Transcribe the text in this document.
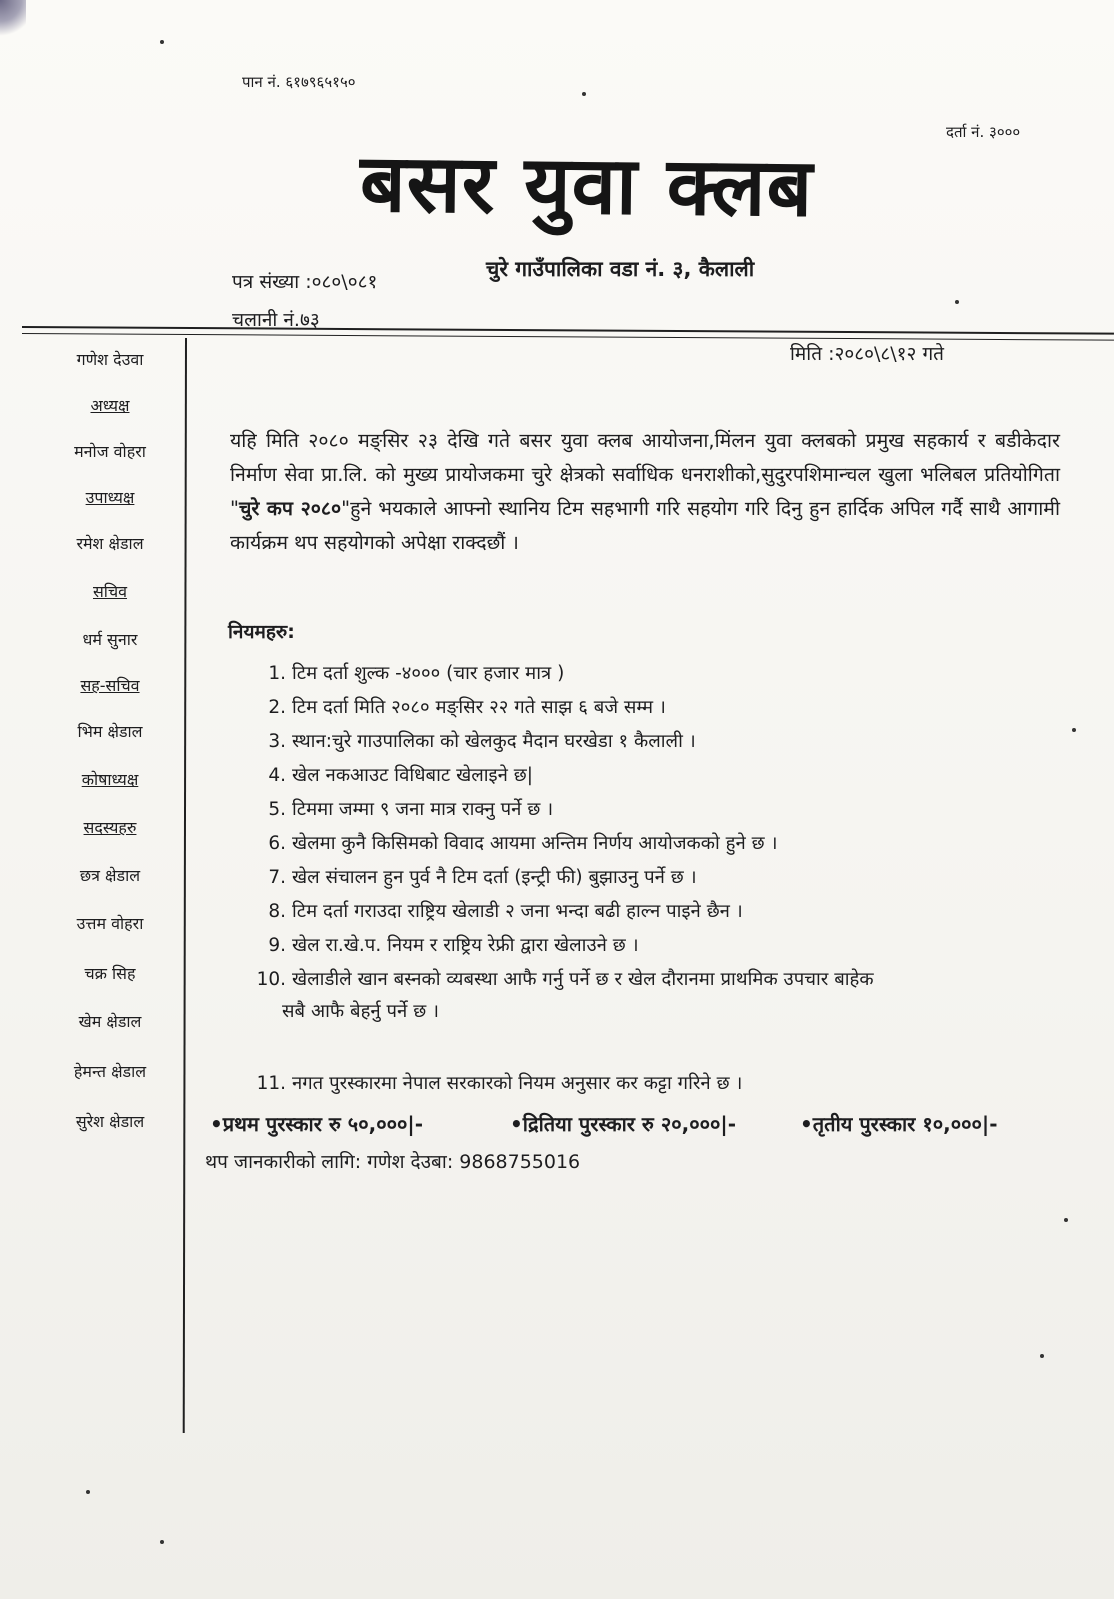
पान नं. ६१७९६५१५०
दर्ता नं. ३०००
बसर युवा क्लब
चुरे गाउँपालिका वडा नं. ३, कैलाली
पत्र संख्या :०८०\०८१
चलानी नं.७३
मिति :२०८०\८\१२ गते
गणेश देउवा
अध्यक्ष
मनोज वोहरा
उपाध्यक्ष
रमेश क्षेडाल
सचिव
धर्म सुनार
सह-सचिव
भिम क्षेडाल
कोषाध्यक्ष
सदस्यहरु
छत्र क्षेडाल
उत्तम वोहरा
चक्र सिह
खेम क्षेडाल
हेमन्त क्षेडाल
सुरेश क्षेडाल
यहि मिति २०८० मङ्सिर २३ देखि गते बसर युवा क्लब आयोजना,मिंलन युवा क्लबको प्रमुख सहकार्य र बडीकेदार निर्माण सेवा प्रा.लि. को मुख्य प्रायोजकमा चुरे क्षेत्रको सर्वाधिक धनराशीको,सुदुरपशिमान्चल खुला भलिबल प्रतियोगिता "चुरे कप २०८०"हुने भयकाले आफ्नो स्थानिय टिम सहभागी गरि सहयोग गरि दिनु हुन हार्दिक अपिल गर्दै साथै आगामी कार्यक्रम थप सहयोगको अपेक्षा राक्दछौं ।
नियमहरु:
1. टिम दर्ता शुल्क -४००० (चार हजार मात्र )
2. टिम दर्ता मिति २०८० मङ्सिर २२ गते साझ ६ बजे सम्म ।
3. स्थान:चुरे गाउपालिका को खेलकुद मैदान घरखेडा १ कैलाली ।
4. खेल नकआउट विधिबाट खेलाइने छ|
5. टिममा जम्मा ९ जना मात्र राक्नु पर्ने छ ।
6. खेलमा कुनै किसिमको विवाद आयमा अन्तिम निर्णय आयोजकको हुने छ ।
7. खेल संचालन हुन पुर्व नै टिम दर्ता (इन्ट्री फी) बुझाउनु पर्ने छ ।
8. टिम दर्ता गराउदा राष्ट्रिय खेलाडी २ जना भन्दा बढी हाल्न पाइने छैन ।
9. खेल रा.खे.प. नियम र राष्ट्रिय रेफ्री द्वारा खेलाउने छ ।
10. खेलाडीले खान बस्नको व्यबस्था आफै गर्नु पर्ने छ र खेल दौरानमा प्राथमिक उपचार बाहेक
सबै आफै बेहर्नु पर्ने छ ।
11. नगत पुरस्कारमा नेपाल सरकारको नियम अनुसार कर कट्टा गरिने छ ।
•प्रथम पुरस्कार रु ५०,०००|-	•द्रितिया पुरस्कार रु २०,०००|-	•तृतीय पुरस्कार १०,०००|-
थप जानकारीको लागि: गणेश देउबा: 9868755016
